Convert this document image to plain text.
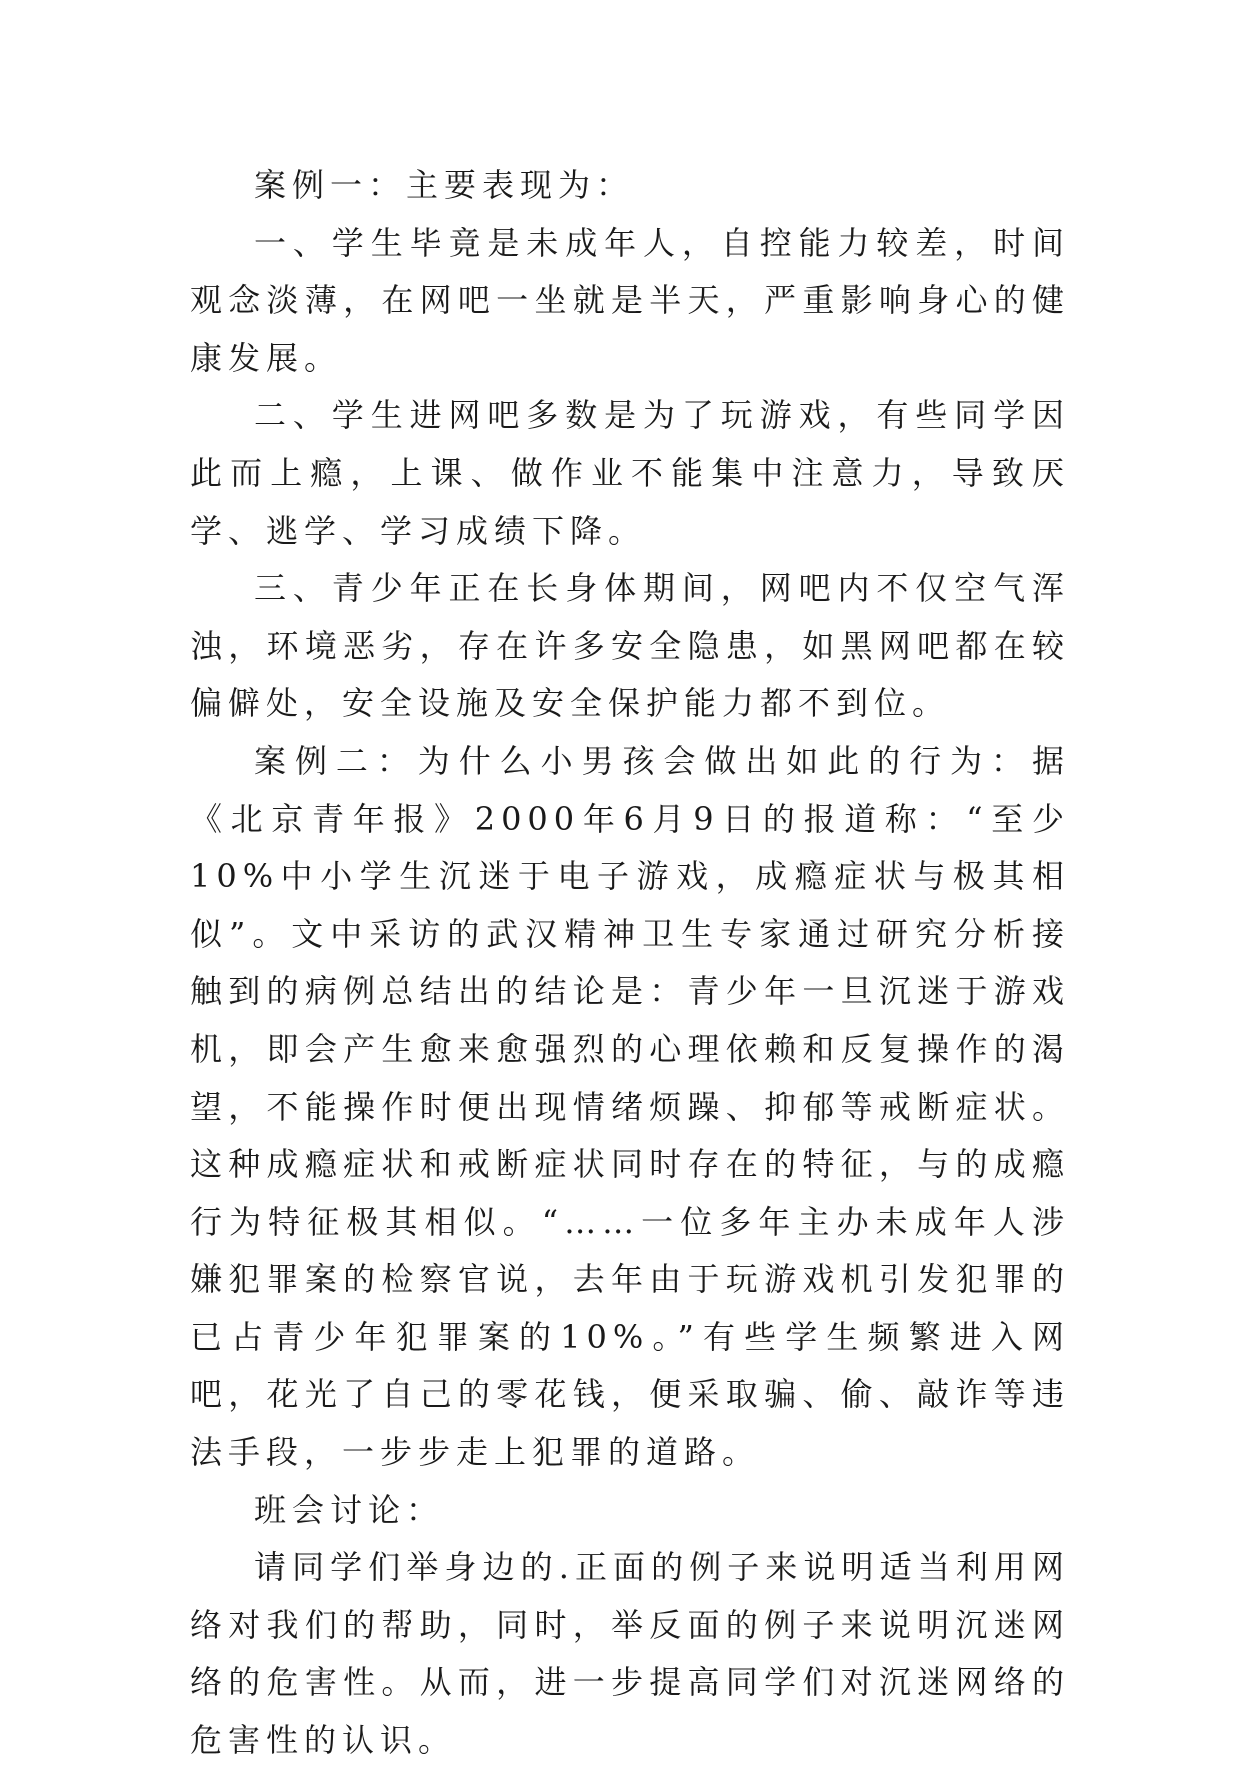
案例一：主要表现为：

一、学生毕竟是未成年人，自控能力较差，时间观念淡薄，在网吧一坐就是半天，严重影响身心的健康发展。

二、学生进网吧多数是为了玩游戏，有些同学因此而上瘾，上课、做作业不能集中注意力，导致厌学、逃学、学习成绩下降。

三、青少年正在长身体期间，网吧内不仅空气浑浊，环境恶劣，存在许多安全隐患，如黑网吧都在较偏僻处，安全设施及安全保护能力都不到位。

案例二：为什么小男孩会做出如此的行为：据《北京青年报》2000年6月9日的报道称：“至少10%中小学生沉迷于电子游戏，成瘾症状与极其相似”。文中采访的武汉精神卫生专家通过研究分析接触到的病例总结出的结论是：青少年一旦沉迷于游戏机，即会产生愈来愈强烈的心理依赖和反复操作的渴望，不能操作时便出现情绪烦躁、抑郁等戒断症状。这种成瘾症状和戒断症状同时存在的特征，与的成瘾行为特征极其相似。“……一位多年主办未成年人涉嫌犯罪案的检察官说，去年由于玩游戏机引发犯罪的已占青少年犯罪案的10%。”有些学生频繁进入网吧，花光了自己的零花钱，便采取骗、偷、敲诈等违法手段，一步步走上犯罪的道路。

班会讨论：

请同学们举身边的.正面的例子来说明适当利用网络对我们的帮助，同时，举反面的例子来说明沉迷网络的危害性。从而，进一步提高同学们对沉迷网络的危害性的认识。
